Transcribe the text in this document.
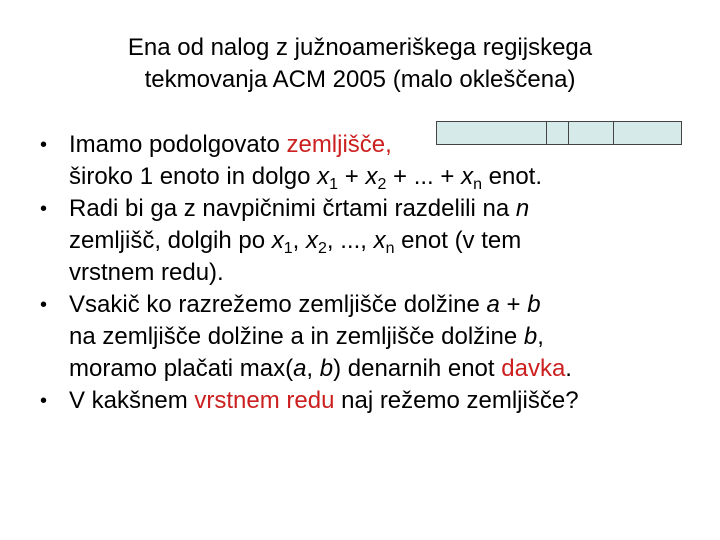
Ena od nalog z južnoameriškega regijskega
tekmovanja ACM 2005 (malo okleščena)
• Imamo podolgovato zemljišče,
široko 1 enoto in dolgo $x_1 + x_2$ + ... + $x_n$ enot.
• Radi bi ga z navpičnimi črtami razdelili na n
zemljišč, dolgih po $x_1$, $x_2$, ..., $x_n$ enot (v tem
vrstnem redu).
• Vsakič ko razrežemo zemljišče dolžine a + b
na zemljišče dolžine a in zemljišče dolžine b,
moramo plačati max(a, b) denarnih enot davka.
• V kakšnem vrstnem redu naj režemo zemljišče?
